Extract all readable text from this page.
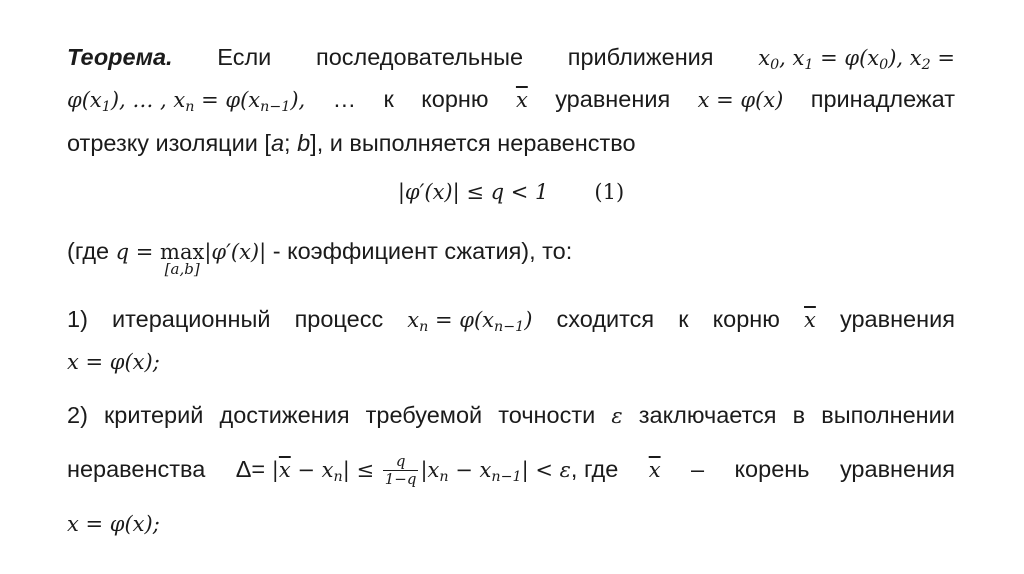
Теорема. Если последовательные приближения $x_0$, $x_1 = \varphi(x_0)$, $x_2$ =
$\varphi(x_1)$, … , $x_n = \varphi(x_{n-1})$, … к корню $\overline{x}$ уравнения x = φ(x) принадлежат
отрезку изоляции [a; b], и выполняется неравенство
|φ′(x)| ≤ q < 1 (1)
(где q = max
[a,b]
|φ′(x)| - коэффициент сжатия), то:
1) итерационный процесс $x_n = \varphi(x_{n-1})$ сходится к корню $\overline{x}$ уравнения
x = φ(x);
2) критерий достижения требуемой точности ε заключается в выполнении
неравенства $\Delta= |\overline{x} - x_n| \le \frac{q}{1-q} |x_n - x_{n-1}| < \varepsilon$, где $\overline{x}$ – корень уравнения
x = φ(x);
